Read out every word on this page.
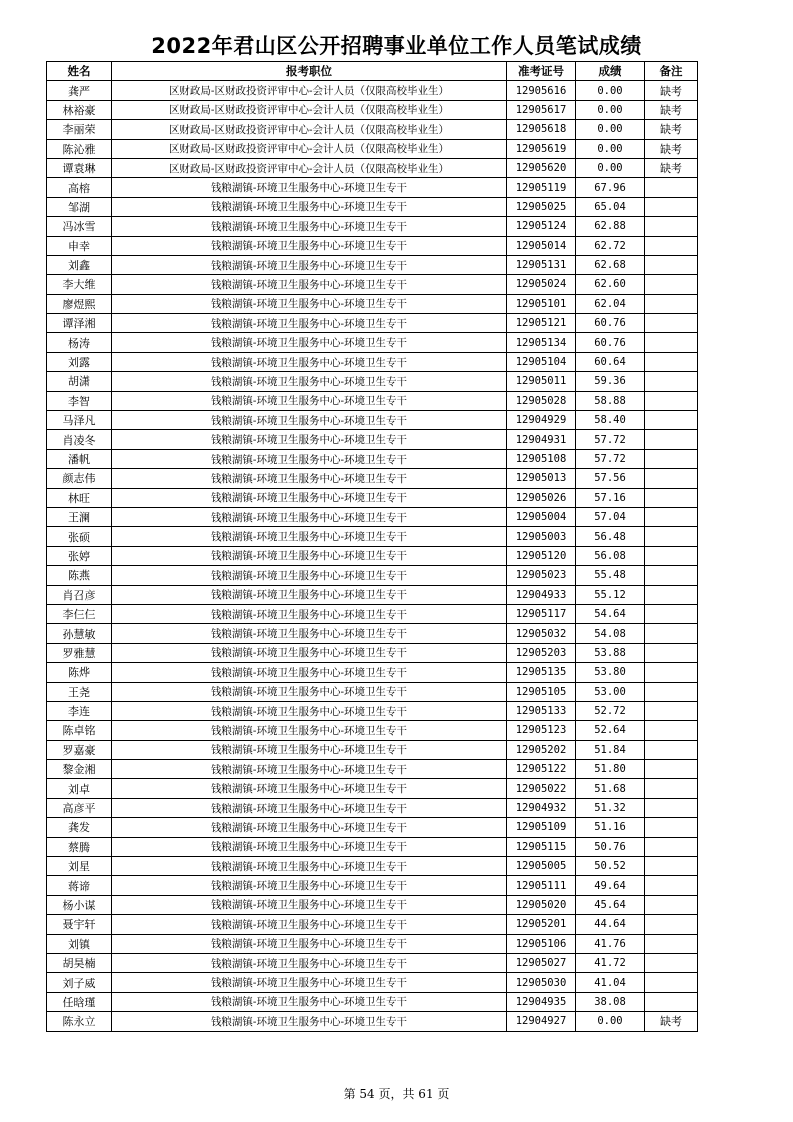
2022年君山区公开招聘事业单位工作人员笔试成绩
姓名	报考职位	准考证号	成绩	备注
龚严	区财政局-区财政投资评审中心-会计人员（仅限高校毕业生）	12905616	0.00	缺考
林裕豪	区财政局-区财政投资评审中心-会计人员（仅限高校毕业生）	12905617	0.00	缺考
李丽荣	区财政局-区财政投资评审中心-会计人员（仅限高校毕业生）	12905618	0.00	缺考
陈沁雅	区财政局-区财政投资评审中心-会计人员（仅限高校毕业生）	12905619	0.00	缺考
谭袁琳	区财政局-区财政投资评审中心-会计人员（仅限高校毕业生）	12905620	0.00	缺考
高榕	钱粮湖镇-环境卫生服务中心-环境卫生专干	12905119	67.96	
邹湖	钱粮湖镇-环境卫生服务中心-环境卫生专干	12905025	65.04	
冯冰雪	钱粮湖镇-环境卫生服务中心-环境卫生专干	12905124	62.88	
申幸	钱粮湖镇-环境卫生服务中心-环境卫生专干	12905014	62.72	
刘鑫	钱粮湖镇-环境卫生服务中心-环境卫生专干	12905131	62.68	
李大维	钱粮湖镇-环境卫生服务中心-环境卫生专干	12905024	62.60	
廖煜熙	钱粮湖镇-环境卫生服务中心-环境卫生专干	12905101	62.04	
谭泽湘	钱粮湖镇-环境卫生服务中心-环境卫生专干	12905121	60.76	
杨涛	钱粮湖镇-环境卫生服务中心-环境卫生专干	12905134	60.76	
刘露	钱粮湖镇-环境卫生服务中心-环境卫生专干	12905104	60.64	
胡潇	钱粮湖镇-环境卫生服务中心-环境卫生专干	12905011	59.36	
李智	钱粮湖镇-环境卫生服务中心-环境卫生专干	12905028	58.88	
马泽凡	钱粮湖镇-环境卫生服务中心-环境卫生专干	12904929	58.40	
肖凌冬	钱粮湖镇-环境卫生服务中心-环境卫生专干	12904931	57.72	
潘帆	钱粮湖镇-环境卫生服务中心-环境卫生专干	12905108	57.72	
颜志伟	钱粮湖镇-环境卫生服务中心-环境卫生专干	12905013	57.56	
林旺	钱粮湖镇-环境卫生服务中心-环境卫生专干	12905026	57.16	
王澜	钱粮湖镇-环境卫生服务中心-环境卫生专干	12905004	57.04	
张硕	钱粮湖镇-环境卫生服务中心-环境卫生专干	12905003	56.48	
张婷	钱粮湖镇-环境卫生服务中心-环境卫生专干	12905120	56.08	
陈燕	钱粮湖镇-环境卫生服务中心-环境卫生专干	12905023	55.48	
肖召彦	钱粮湖镇-环境卫生服务中心-环境卫生专干	12904933	55.12	
李仨仨	钱粮湖镇-环境卫生服务中心-环境卫生专干	12905117	54.64	
孙慧敏	钱粮湖镇-环境卫生服务中心-环境卫生专干	12905032	54.08	
罗雅慧	钱粮湖镇-环境卫生服务中心-环境卫生专干	12905203	53.88	
陈烨	钱粮湖镇-环境卫生服务中心-环境卫生专干	12905135	53.80	
王尧	钱粮湖镇-环境卫生服务中心-环境卫生专干	12905105	53.00	
李连	钱粮湖镇-环境卫生服务中心-环境卫生专干	12905133	52.72	
陈卓铭	钱粮湖镇-环境卫生服务中心-环境卫生专干	12905123	52.64	
罗嘉豪	钱粮湖镇-环境卫生服务中心-环境卫生专干	12905202	51.84	
黎金湘	钱粮湖镇-环境卫生服务中心-环境卫生专干	12905122	51.80	
刘卓	钱粮湖镇-环境卫生服务中心-环境卫生专干	12905022	51.68	
高彦平	钱粮湖镇-环境卫生服务中心-环境卫生专干	12904932	51.32	
龚发	钱粮湖镇-环境卫生服务中心-环境卫生专干	12905109	51.16	
蔡腾	钱粮湖镇-环境卫生服务中心-环境卫生专干	12905115	50.76	
刘星	钱粮湖镇-环境卫生服务中心-环境卫生专干	12905005	50.52	
蒋谛	钱粮湖镇-环境卫生服务中心-环境卫生专干	12905111	49.64	
杨小谋	钱粮湖镇-环境卫生服务中心-环境卫生专干	12905020	45.64	
聂宇轩	钱粮湖镇-环境卫生服务中心-环境卫生专干	12905201	44.64	
刘镇	钱粮湖镇-环境卫生服务中心-环境卫生专干	12905106	41.76	
胡昊楠	钱粮湖镇-环境卫生服务中心-环境卫生专干	12905027	41.72	
刘子威	钱粮湖镇-环境卫生服务中心-环境卫生专干	12905030	41.04	
任晗瑾	钱粮湖镇-环境卫生服务中心-环境卫生专干	12904935	38.08	
陈永立	钱粮湖镇-环境卫生服务中心-环境卫生专干	12904927	0.00	缺考
第 54 页，共 61 页
